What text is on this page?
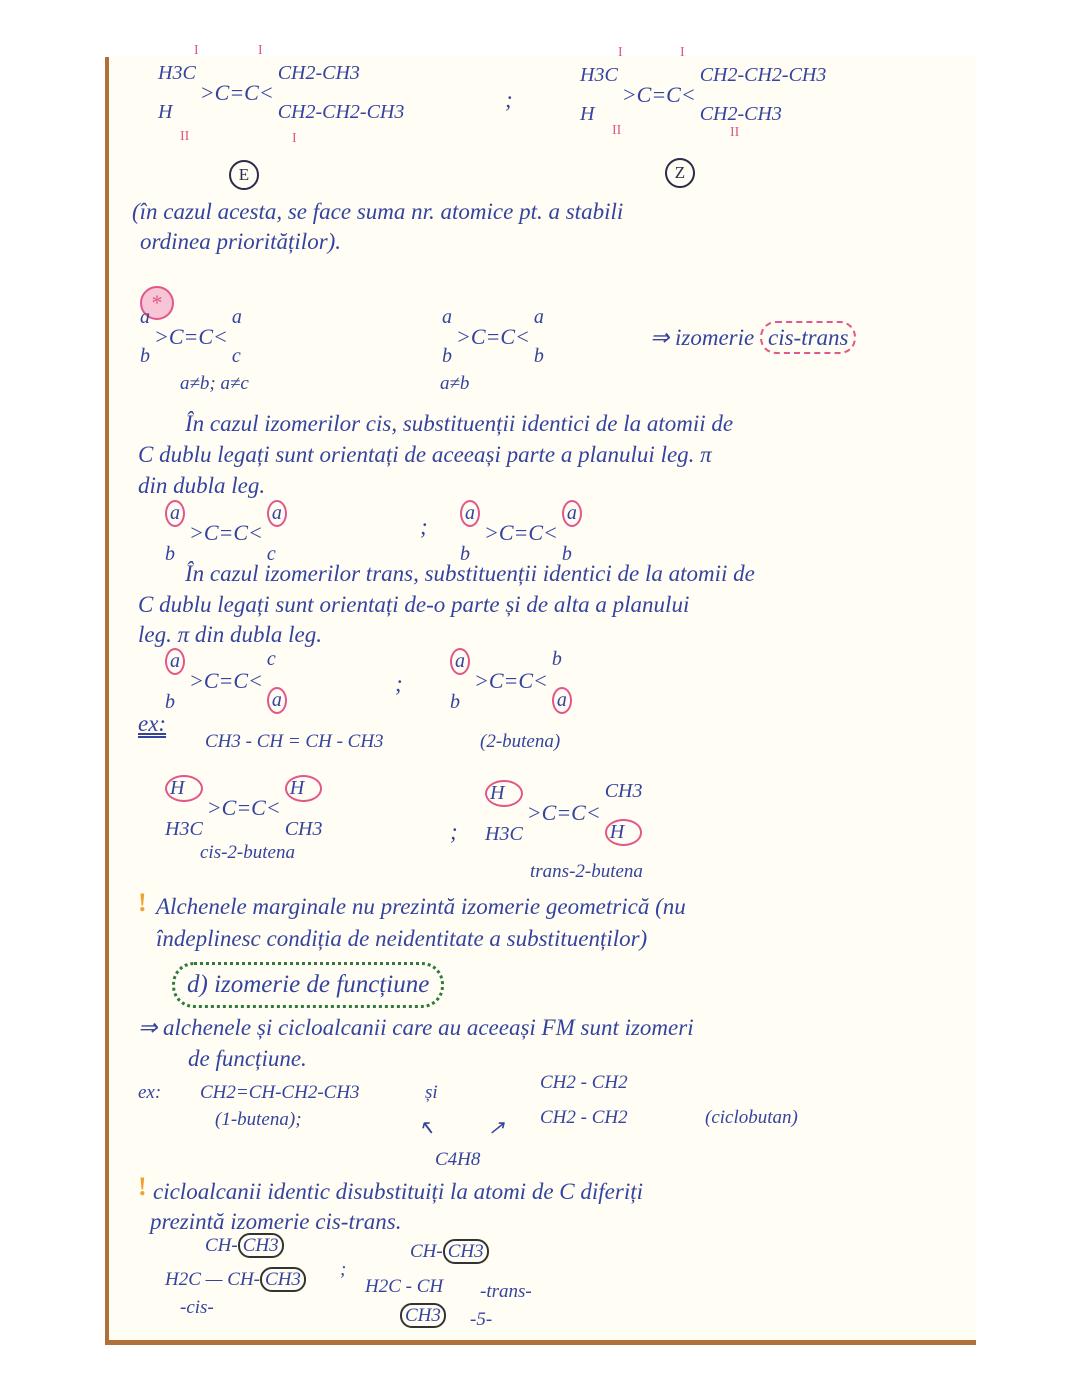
H3C
H
>C=C<
CH2-CH3
CH2-CH2-CH3
I
II
I
I
E
;
H3C
H
>C=C<
CH2-CH2-CH3
CH2-CH3
I
II
I
II
Z
(în cazul acesta, se face suma nr. atomice pt. a stabili
ordinea priorităților).
*
a
b
>C=C<
a
c
a≠b; a≠c
a
b
>C=C<
a
b
a≠b
⇒ izomerie cis-trans
În cazul izomerilor cis, substituenții identici de la atomii de
C dublu legați sunt orientați de aceeași parte a planului leg. π
din dubla leg.
a
b
>C=C<
a
c
;
a
b
>C=C<
a
b
În cazul izomerilor trans, substituenții identici de la atomii de
C dublu legați sunt orientați de-o parte și de alta a planului
leg. π din dubla leg.
a
b
>C=C<
c
a
;
a
b
>C=C<
b
a
ex:
CH3 - CH = CH - CH3	(2-butena)
H
H3C
>C=C<
H
CH3
cis-2-butena
;
H
H3C
>C=C<
CH3
H
trans-2-butena
! Alchenele marginale nu prezintă izomerie geometrică (nu
îndeplinesc condiția de neidentitate a substituenților)
d) izomerie de funcțiune
⇒ alchenele și cicloalcanii care au aceeași FM sunt izomeri
de funcțiune.
ex: CH2=CH-CH2-CH3	și
(1-butena);
CH2 - CH2
CH2 - CH2	(ciclobutan)
↖	↗
C4H8
! cicloalcanii identic disubstituiți la atomi de C diferiți
prezintă izomerie cis-trans.
CH- CH3
H2C — CH- CH3
-cis-
;
CH- CH3
H2C - CH
CH3
-trans-
-5-
